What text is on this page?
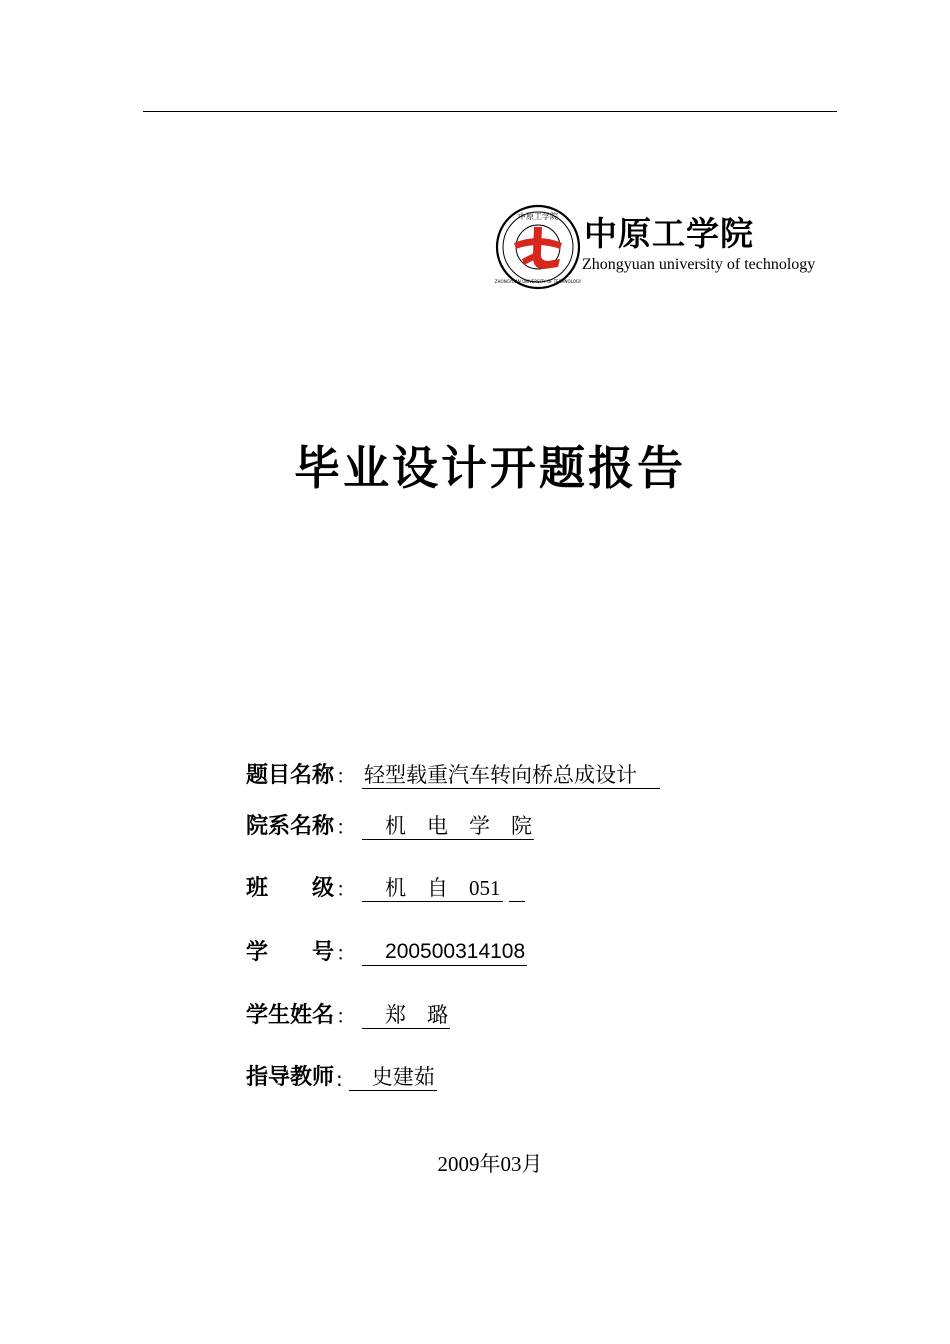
中原工学院
ZHONGYUAN UNIVERSITY OF TECHNOLOGY
中原工学院
Zhongyuan university of technology
毕业设计开题报告
题目名称 ： 轻型载重汽车转向桥总成设计　
院系名称 ： 　机　电　学　院
班　　级 ： 　机　自　051
学　　号 ： 　200500314108
学生姓名 ： 　郑　璐
指导教师 : 　史建茹
2009年03月
